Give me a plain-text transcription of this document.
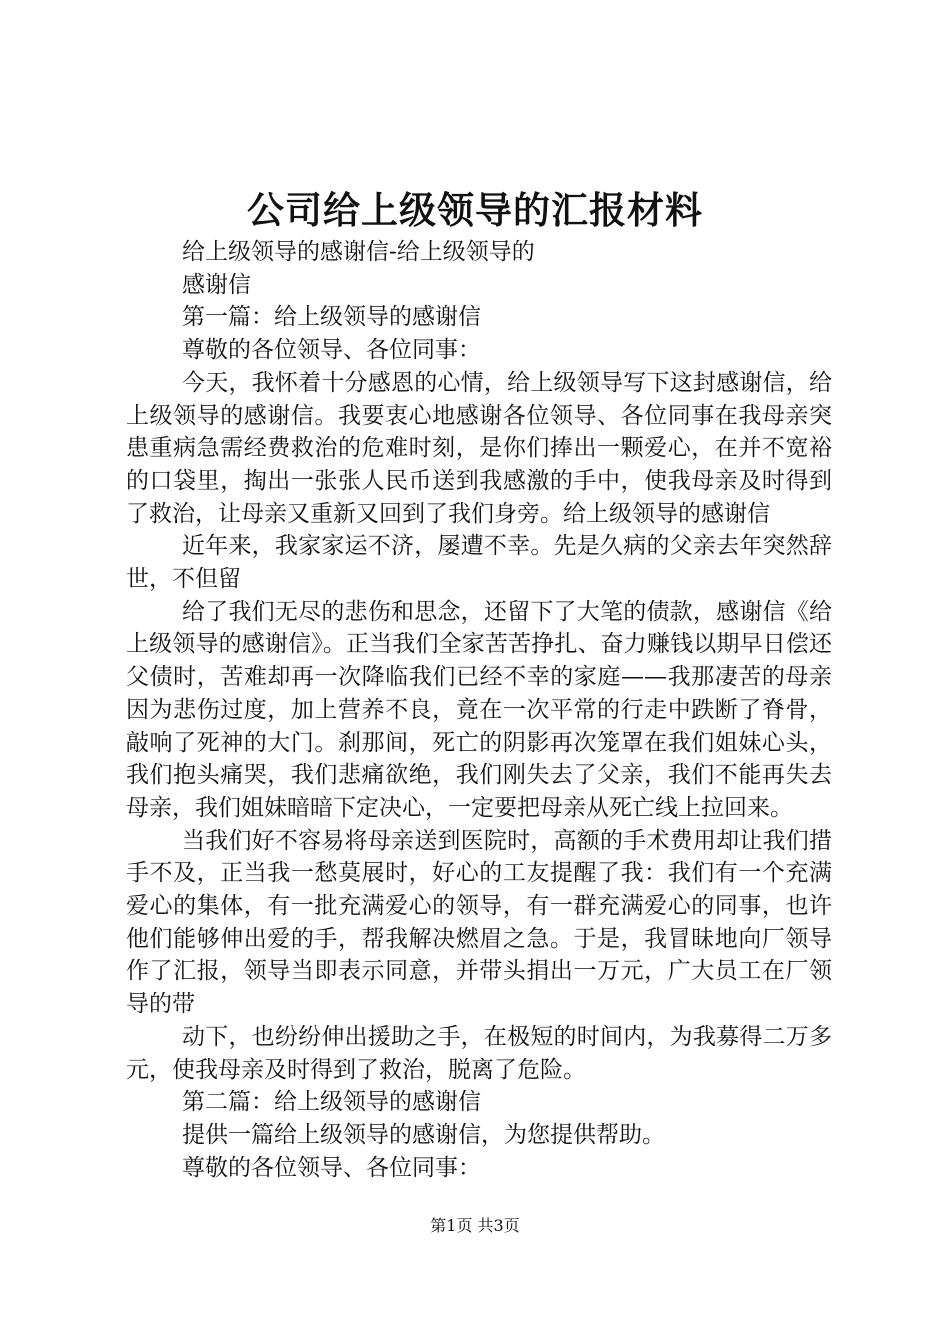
公司给上级领导的汇报材料

给上级领导的感谢信-给上级领导的

感谢信

第一篇：给上级领导的感谢信

尊敬的各位领导、各位同事：

今天，我怀着十分感恩的心情，给上级领导写下这封感谢信，给上级领导的感谢信。我要衷心地感谢各位领导、各位同事在我母亲突患重病急需经费救治的危难时刻，是你们捧出一颗爱心，在并不宽裕的口袋里，掏出一张张人民币送到我感激的手中，使我母亲及时得到了救治，让母亲又重新又回到了我们身旁。给上级领导的感谢信

近年来，我家家运不济，屡遭不幸。先是久病的父亲去年突然辞世，不但留

给了我们无尽的悲伤和思念，还留下了大笔的债款，感谢信《给上级领导的感谢信》。正当我们全家苦苦挣扎、奋力赚钱以期早日偿还父债时，苦难却再一次降临我们已经不幸的家庭——我那凄苦的母亲因为悲伤过度，加上营养不良，竟在一次平常的行走中跌断了脊骨，敲响了死神的大门。刹那间，死亡的阴影再次笼罩在我们姐妹心头，我们抱头痛哭，我们悲痛欲绝，我们刚失去了父亲，我们不能再失去母亲，我们姐妹暗暗下定决心，一定要把母亲从死亡线上拉回来。

当我们好不容易将母亲送到医院时，高额的手术费用却让我们措手不及，正当我一愁莫展时，好心的工友提醒了我：我们有一个充满爱心的集体，有一批充满爱心的领导，有一群充满爱心的同事，也许他们能够伸出爱的手，帮我解决燃眉之急。于是，我冒昧地向厂领导作了汇报，领导当即表示同意，并带头捐出一万元，广大员工在厂领导的带

动下，也纷纷伸出援助之手，在极短的时间内，为我募得二万多元，使我母亲及时得到了救治，脱离了危险。

第二篇：给上级领导的感谢信

提供一篇给上级领导的感谢信，为您提供帮助。

尊敬的各位领导、各位同事：

第1页 共3页
